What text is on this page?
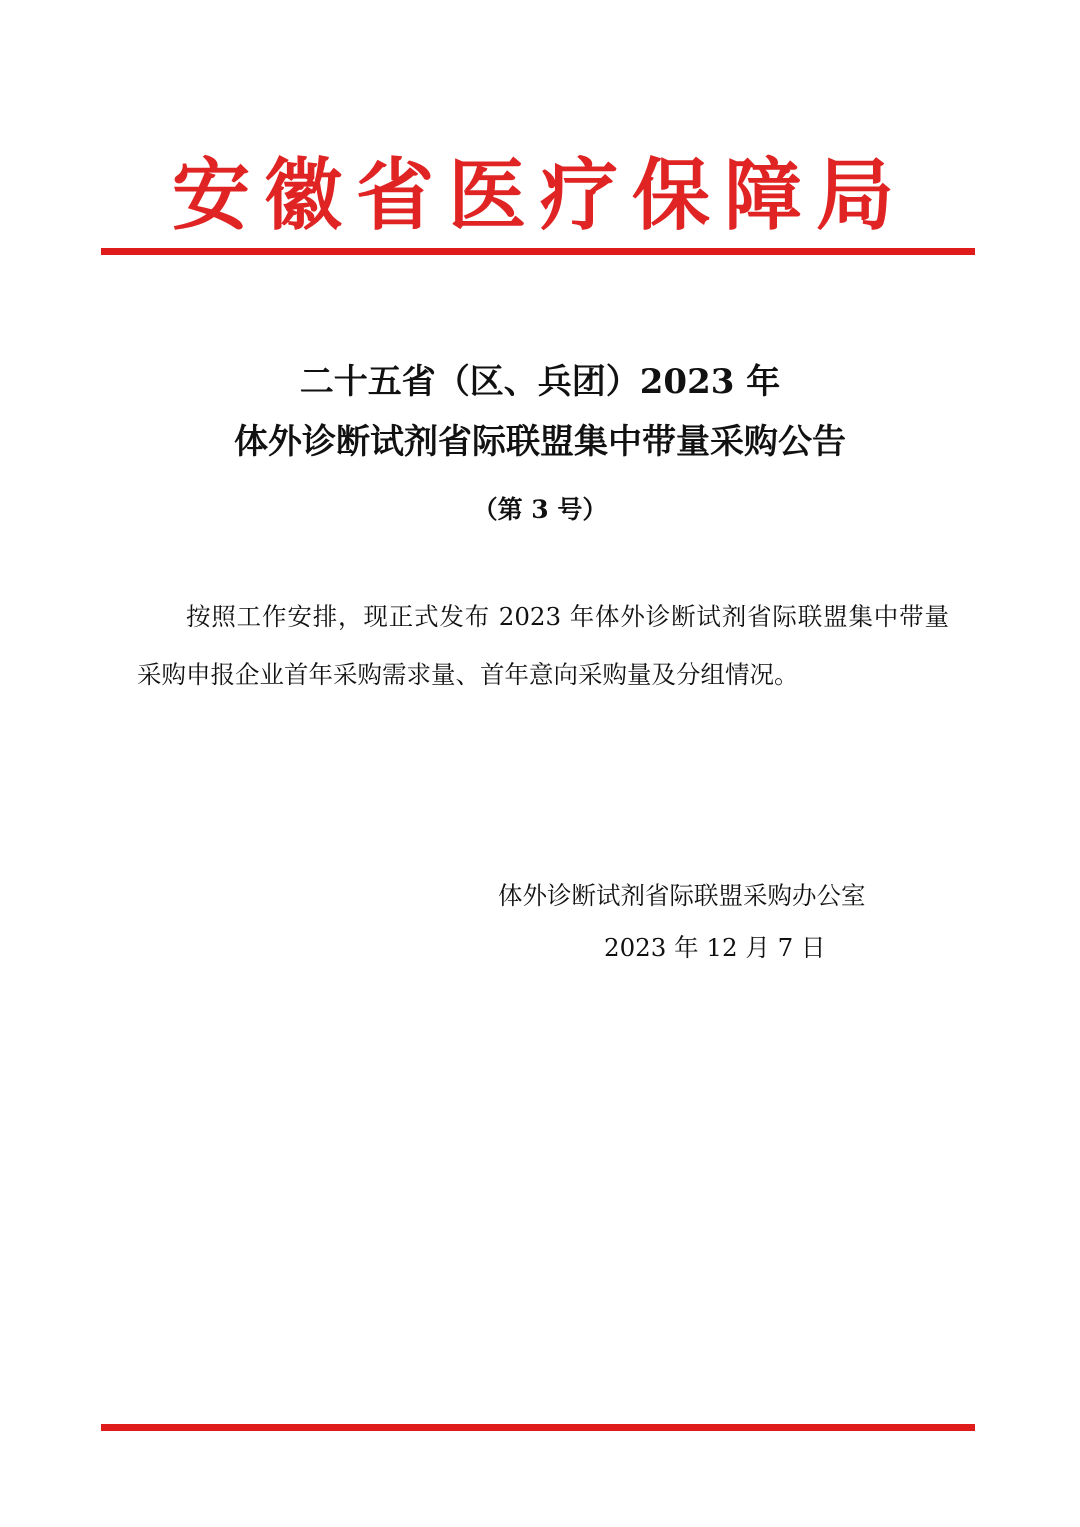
安徽省医疗保障局
二十五省（区、兵团）2023 年
体外诊断试剂省际联盟集中带量采购公告
（第 3 号）
按照工作安排，现正式发布 2023 年体外诊断试剂省际联盟集中带量采购申报企业首年采购需求量、首年意向采购量及分组情况。
体外诊断试剂省际联盟采购办公室
2023 年 12 月 7 日
